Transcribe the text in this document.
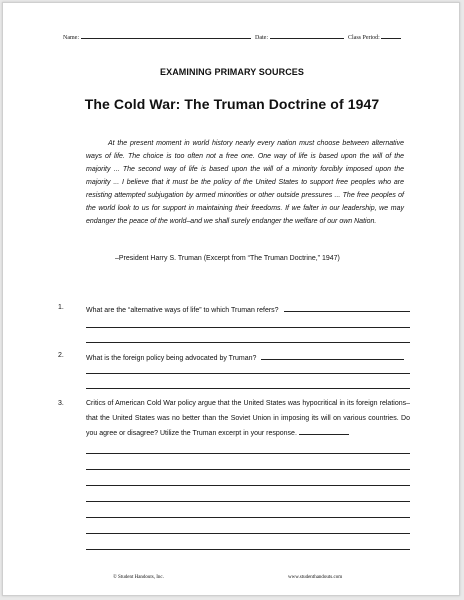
Name:	Date:	Class Period:
EXAMINING PRIMARY SOURCES
The Cold War: The Truman Doctrine of 1947
At the present moment in world history nearly every nation must choose between alternative ways of life. The choice is too often not a free one. One way of life is based upon the will of the majority ... The second way of life is based upon the will of a minority forcibly imposed upon the majority ... I believe that it must be the policy of the United States to support free peoples who are resisting attempted subjugation by armed minorities or other outside pressures ... The free peoples of the world look to us for support in maintaining their freedoms. If we falter in our leadership, we may endanger the peace of the world–and we shall surely endanger the welfare of our own Nation.
–President Harry S. Truman (Excerpt from “The Truman Doctrine,” 1947)
1.	What are the “alternative ways of life” to which Truman refers?
2.	What is the foreign policy being advocated by Truman?
3.	Critics of American Cold War policy argue that the United States was hypocritical in its foreign relations–that the United States was no better than the Soviet Union in imposing its will on various countries. Do you agree or disagree? Utilize the Truman excerpt in your response.
© Student Handouts, Inc.	www.studenthandouts.com
